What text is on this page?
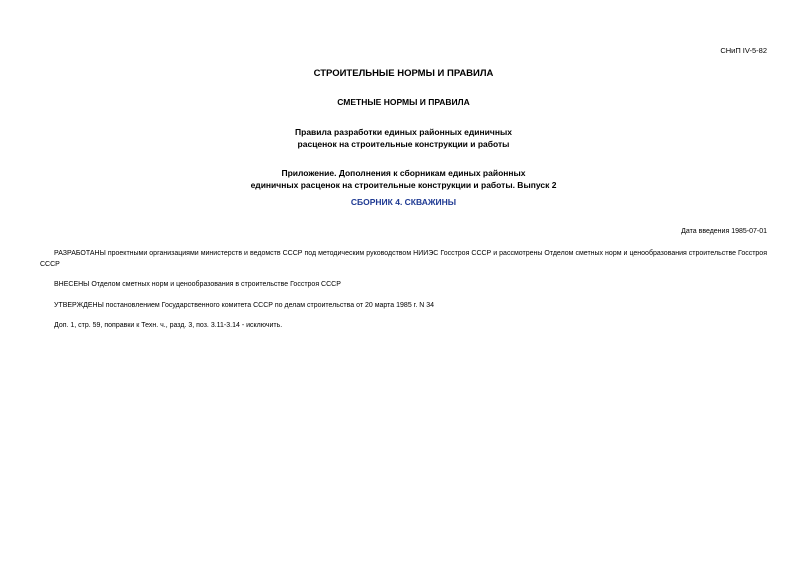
СНиП IV-5-82
СТРОИТЕЛЬНЫЕ НОРМЫ И ПРАВИЛА
СМЕТНЫЕ НОРМЫ И ПРАВИЛА
Правила разработки единых районных единичных
расценок на строительные конструкции и работы
Приложение. Дополнения к сборникам единых районных
единичных расценок на строительные конструкции и работы. Выпуск 2
СБОРНИК 4. СКВАЖИНЫ
Дата введения 1985-07-01
РАЗРАБОТАНЫ проектными организациями министерств и ведомств СССР под методическим руководством НИИЭС Госстроя СССР и рассмотрены Отделом сметных норм и ценообразования строительстве Госстроя СССР
ВНЕСЕНЫ Отделом сметных норм и ценообразования в строительстве Госстроя СССР
УТВЕРЖДЕНЫ постановлением Государственного комитета СССР по делам строительства от 20 марта 1985 г. N 34
Доп. 1, стр. 59, поправки к Техн. ч., разд. 3, поз. 3.11-3.14 - исключить.
